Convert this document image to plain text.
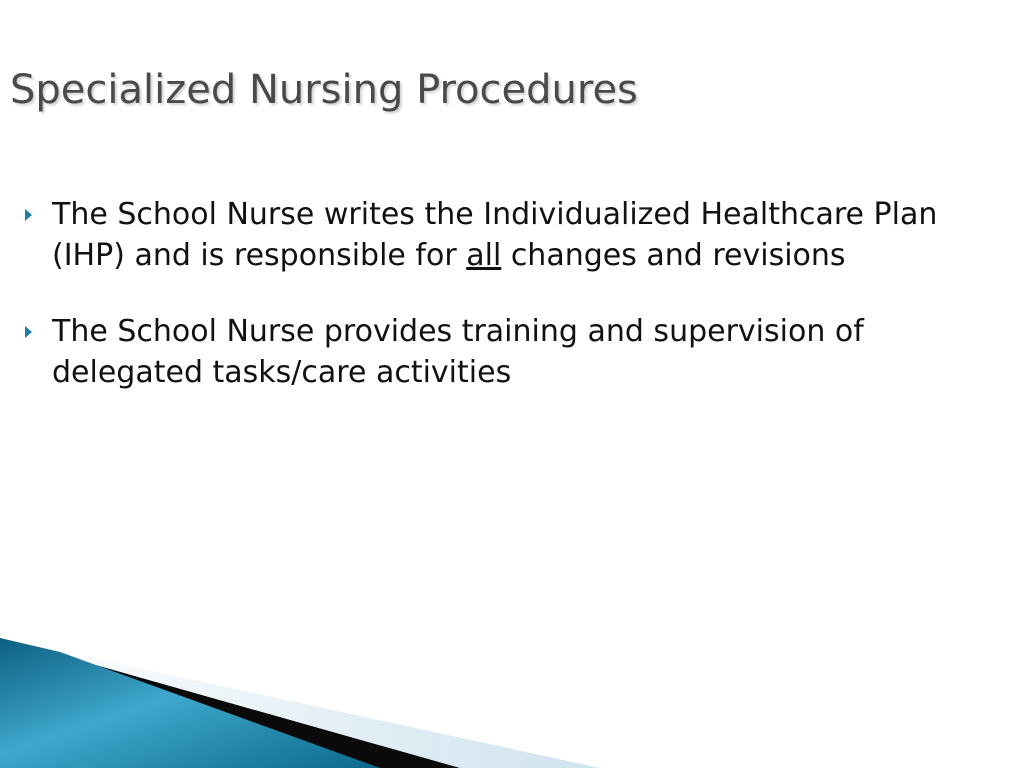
Specialized Nursing Procedures
The School Nurse writes the Individualized Healthcare Plan (IHP) and is responsible for all changes and revisions
The School Nurse provides training and supervision of delegated tasks/care activities
